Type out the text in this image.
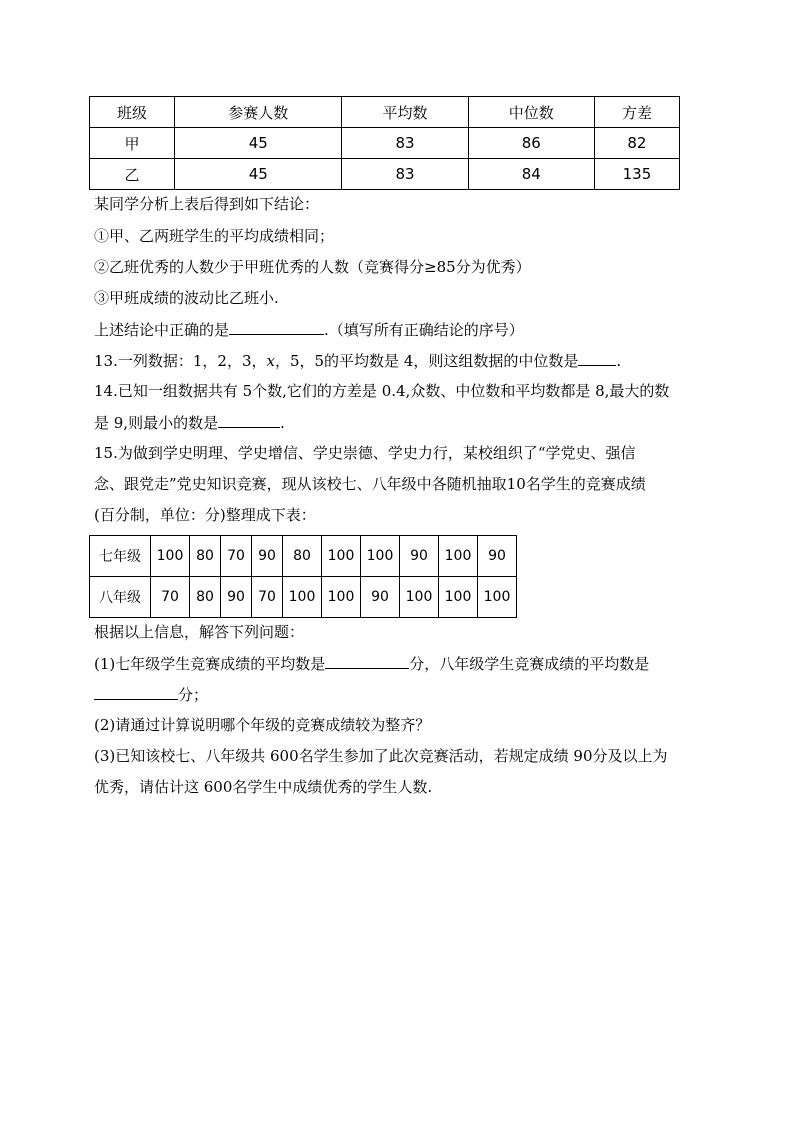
班级	参赛人数	平均数	中位数	方差
甲	45	83	86	82
乙	45	83	84	135
某同学分析上表后得到如下结论：
①甲、乙两班学生的平均成绩相同；
②乙班优秀的人数少于甲班优秀的人数（竞赛得分≥85分为优秀）
③甲班成绩的波动比乙班小.
上述结论中正确的是	.（填写所有正确结论的序号）
13.一列数据：1，2，3，x，5，5的平均数是 4，则这组数据的中位数是	.
14.已知一组数据共有 5个数,它们的方差是 0.4,众数、中位数和平均数都是 8,最大的数
是 9,则最小的数是	.
15.为做到学史明理、学史增信、学史崇德、学史力行，某校组织了“学党史、强信
念、跟党走”党史知识竞赛，现从该校七、八年级中各随机抽取10名学生的竞赛成绩
(百分制，单位：分)整理成下表：
七年级	100	80	70	90	80	100	100	90	100	90
八年级	70	80	90	70	100	100	90	100	100	100
根据以上信息，解答下列问题：
(1)七年级学生竞赛成绩的平均数是	分，八年级学生竞赛成绩的平均数是
分；
(2)请通过计算说明哪个年级的竞赛成绩较为整齐？
(3)已知该校七、八年级共 600名学生参加了此次竞赛活动，若规定成绩 90分及以上为
优秀，请估计这 600名学生中成绩优秀的学生人数.
